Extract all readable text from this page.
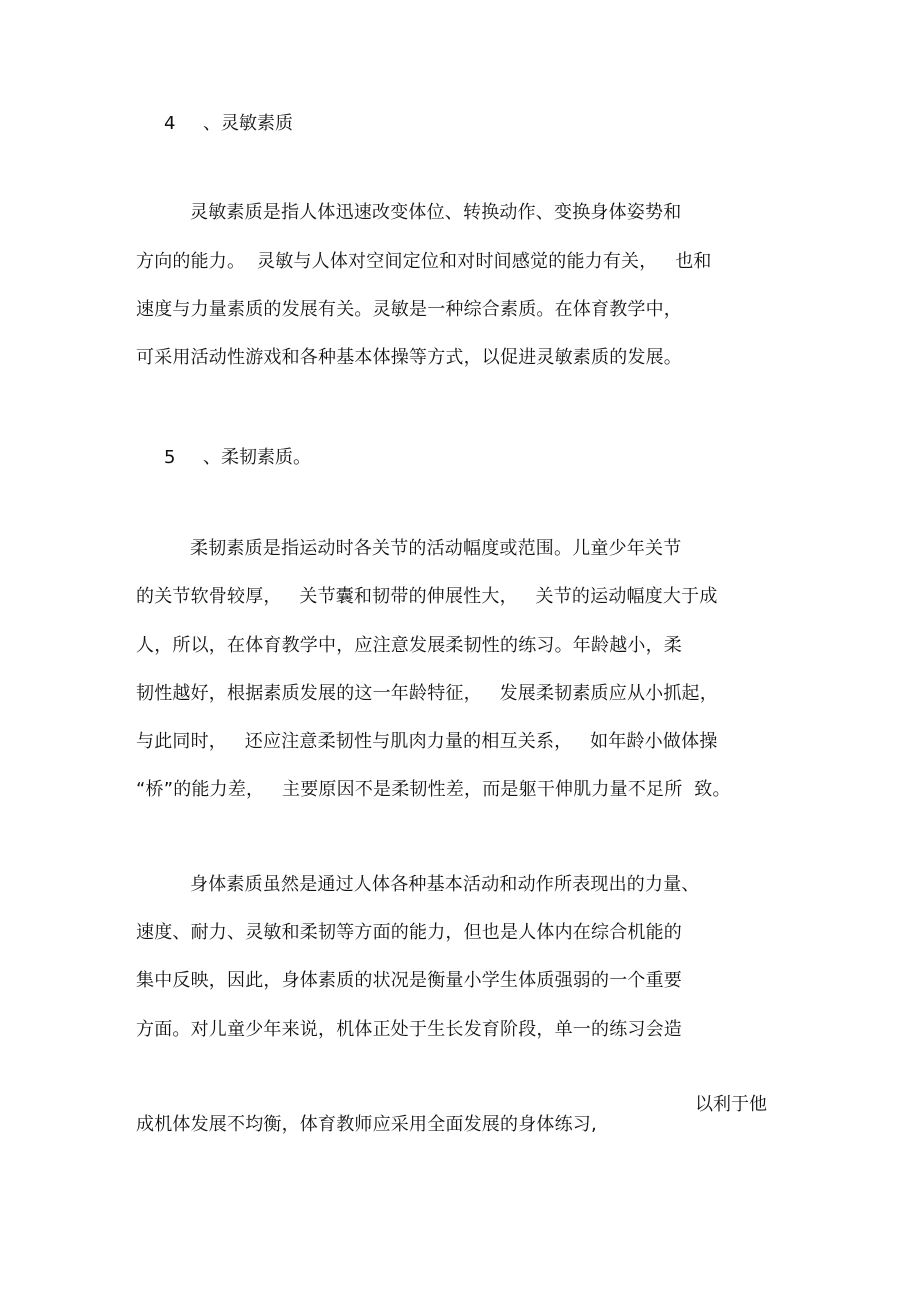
4 、灵敏素质
灵敏素质是指人体迅速改变体位、转换动作、变换身体姿势和
方向的能力。  灵敏与人体对空间定位和对时间感觉的能力有关，   也和
速度与力量素质的发展有关。灵敏是一种综合素质。在体育教学中，
可采用活动性游戏和各种基本体操等方式，以促进灵敏素质的发展。
5 、柔韧素质。
柔韧素质是指运动时各关节的活动幅度或范围。儿童少年关节
的关节软骨较厚，   关节囊和韧带的伸展性大，   关节的运动幅度大于成
人，所以，在体育教学中，应注意发展柔韧性的练习。年龄越小，柔
韧性越好，根据素质发展的这一年龄特征，   发展柔韧素质应从小抓起，
与此同时，   还应注意柔韧性与肌肉力量的相互关系，   如年龄小做体操
“桥”的能力差，   主要原因不是柔韧性差，而是躯干伸肌力量不足所  致。
身体素质虽然是通过人体各种基本活动和动作所表现出的力量、
速度、耐力、灵敏和柔韧等方面的能力，但也是人体内在综合机能的
集中反映，因此，身体素质的状况是衡量小学生体质强弱的一个重要
方面。对儿童少年来说，机体正处于生长发育阶段，单一的练习会造
以利于他
成机体发展不均衡，体育教师应采用全面发展的身体练习,
